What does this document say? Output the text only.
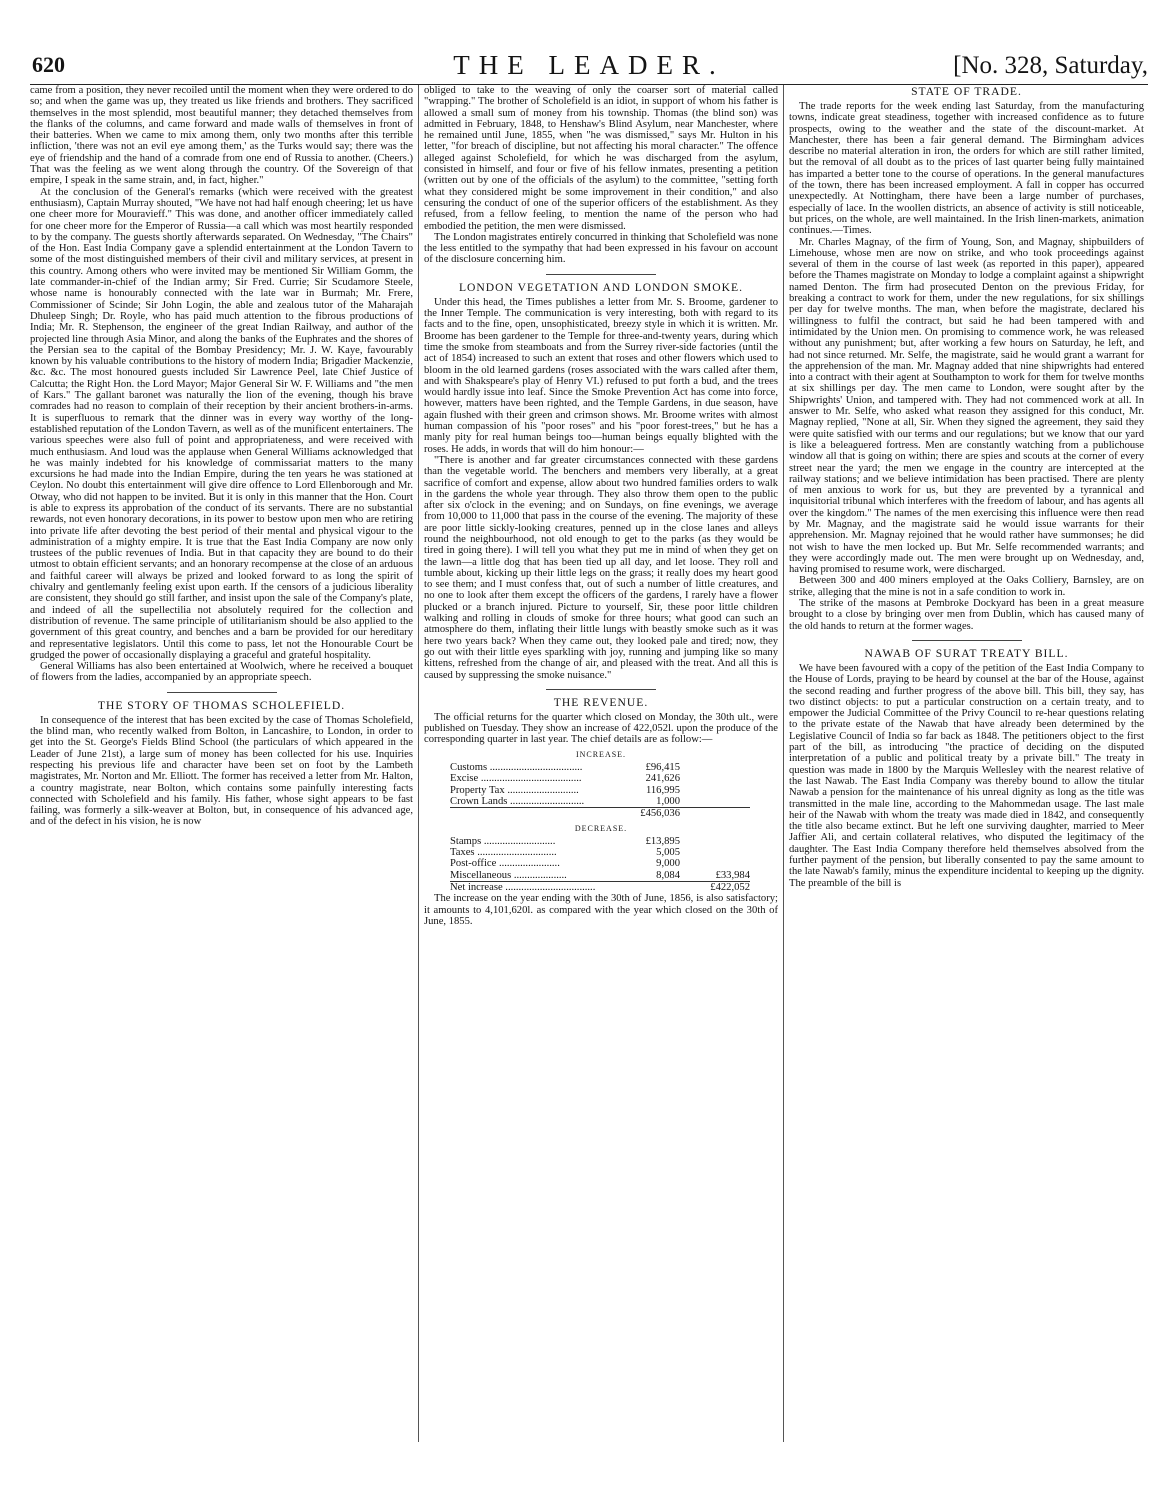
620	THE LEADER.	[No. 328, Saturday,

came from a position, they never recoiled until the moment when they were ordered to do so; and when the game was up, they treated us like friends and brothers. They sacrificed themselves in the most splendid, most beautiful manner; they detached themselves from the flanks of the columns, and came forward and made walls of themselves in front of their batteries. When we came to mix among them, only two months after this terrible infliction, 'there was not an evil eye among them,' as the Turks would say; there was the eye of friendship and the hand of a comrade from one end of Russia to another. (Cheers.) That was the feeling as we went along through the country. Of the Sovereign of that empire, I speak in the same strain, and, in fact, higher."

At the conclusion of the General's remarks (which were received with the greatest enthusiasm), Captain Murray shouted, "We have not had half enough cheering; let us have one cheer more for Mouravieff." This was done, and another officer immediately called for one cheer more for the Emperor of Russia—a call which was most heartily responded to by the company. The guests shortly afterwards separated. On Wednesday, "The Chairs" of the Hon. East India Company gave a splendid entertainment at the London Tavern to some of the most distinguished members of their civil and military services, at present in this country. Among others who were invited may be mentioned Sir William Gomm, the late commander-in-chief of the Indian army; Sir Fred. Currie; Sir Scudamore Steele, whose name is honourably connected with the late war in Burmah; Mr. Frere, Commissioner of Scinde; Sir John Login, the able and zealous tutor of the Maharajah Dhuleep Singh; Dr. Royle, who has paid much attention to the fibrous productions of India; Mr. R. Stephenson, the engineer of the great Indian Railway, and author of the projected line through Asia Minor, and along the banks of the Euphrates and the shores of the Persian sea to the capital of the Bombay Presidency; Mr. J. W. Kaye, favourably known by his valuable contributions to the history of modern India; Brigadier Mackenzie, &c. &c. The most honoured guests included Sir Lawrence Peel, late Chief Justice of Calcutta; the Right Hon. the Lord Mayor; Major General Sir W. F. Williams and "the men of Kars." The gallant baronet was naturally the lion of the evening, though his brave comrades had no reason to complain of their reception by their ancient brothers-in-arms. It is superfluous to remark that the dinner was in every way worthy of the long-established reputation of the London Tavern, as well as of the munificent entertainers. The various speeches were also full of point and appropriateness, and were received with much enthusiasm. And loud was the applause when General Williams acknowledged that he was mainly indebted for his knowledge of commissariat matters to the many excursions he had made into the Indian Empire, during the ten years he was stationed at Ceylon. No doubt this entertainment will give dire offence to Lord Ellenborough and Mr. Otway, who did not happen to be invited. But it is only in this manner that the Hon. Court is able to express its approbation of the conduct of its servants. There are no substantial rewards, not even honorary decorations, in its power to bestow upon men who are retiring into private life after devoting the best period of their mental and physical vigour to the administration of a mighty empire. It is true that the East India Company are now only trustees of the public revenues of India. But in that capacity they are bound to do their utmost to obtain efficient servants; and an honorary recompense at the close of an arduous and faithful career will always be prized and looked forward to as long the spirit of chivalry and gentlemanly feeling exist upon earth. If the censors of a judicious liberality are consistent, they should go still farther, and insist upon the sale of the Company's plate, and indeed of all the supellectilia not absolutely required for the collection and distribution of revenue. The same principle of utilitarianism should be also applied to the government of this great country, and benches and a barn be provided for our hereditary and representative legislators. Until this come to pass, let not the Honourable Court be grudged the power of occasionally displaying a graceful and grateful hospitality.

General Williams has also been entertained at Woolwich, where he received a bouquet of flowers from the ladies, accompanied by an appropriate speech.

THE STORY OF THOMAS SCHOLEFIELD.

In consequence of the interest that has been excited by the case of Thomas Scholefield, the blind man, who recently walked from Bolton, in Lancashire, to London, in order to get into the St. George's Fields Blind School (the particulars of which appeared in the Leader of June 21st), a large sum of money has been collected for his use. Inquiries respecting his previous life and character have been set on foot by the Lambeth magistrates, Mr. Norton and Mr. Elliott. The former has received a letter from Mr. Halton, a country magistrate, near Bolton, which contains some painfully interesting facts connected with Scholefield and his family. His father, whose sight appears to be fast failing, was formerly a silk-weaver at Bolton, but, in consequence of his advanced age, and of the defect in his vision, he is now

obliged to take to the weaving of only the coarser sort of material called "wrapping." The brother of Scholefield is an idiot, in support of whom his father is allowed a small sum of money from his township. Thomas (the blind son) was admitted in February, 1848, to Henshaw's Blind Asylum, near Manchester, where he remained until June, 1855, when "he was dismissed," says Mr. Hulton in his letter, "for breach of discipline, but not affecting his moral character." The offence alleged against Scholefield, for which he was discharged from the asylum, consisted in himself, and four or five of his fellow inmates, presenting a petition (written out by one of the officials of the asylum) to the committee, "setting forth what they considered might be some improvement in their condition," and also censuring the conduct of one of the superior officers of the establishment. As they refused, from a fellow feeling, to mention the name of the person who had embodied the petition, the men were dismissed.

The London magistrates entirely concurred in thinking that Scholefield was none the less entitled to the sympathy that had been expressed in his favour on account of the disclosure concerning him.

LONDON VEGETATION AND LONDON SMOKE.

Under this head, the Times publishes a letter from Mr. S. Broome, gardener to the Inner Temple. The communication is very interesting, both with regard to its facts and to the fine, open, unsophisticated, breezy style in which it is written. Mr. Broome has been gardener to the Temple for three-and-twenty years, during which time the smoke from steamboats and from the Surrey river-side factories (until the act of 1854) increased to such an extent that roses and other flowers which used to bloom in the old learned gardens (roses associated with the wars called after them, and with Shakspeare's play of Henry VI.) refused to put forth a bud, and the trees would hardly issue into leaf. Since the Smoke Prevention Act has come into force, however, matters have been righted, and the Temple Gardens, in due season, have again flushed with their green and crimson shows. Mr. Broome writes with almost human compassion of his "poor roses" and his "poor forest-trees," but he has a manly pity for real human beings too—human beings equally blighted with the roses. He adds, in words that will do him honour:—

"There is another and far greater circumstances connected with these gardens than the vegetable world. The benchers and members very liberally, at a great sacrifice of comfort and expense, allow about two hundred families orders to walk in the gardens the whole year through. They also throw them open to the public after six o'clock in the evening; and on Sundays, on fine evenings, we average from 10,000 to 11,000 that pass in the course of the evening. The majority of these are poor little sickly-looking creatures, penned up in the close lanes and alleys round the neighbourhood, not old enough to get to the parks (as they would be tired in going there). I will tell you what they put me in mind of when they get on the lawn—a little dog that has been tied up all day, and let loose. They roll and tumble about, kicking up their little legs on the grass; it really does my heart good to see them; and I must confess that, out of such a number of little creatures, and no one to look after them except the officers of the gardens, I rarely have a flower plucked or a branch injured. Picture to yourself, Sir, these poor little children walking and rolling in clouds of smoke for three hours; what good can such an atmosphere do them, inflating their little lungs with beastly smoke such as it was here two years back? When they came out, they looked pale and tired; now, they go out with their little eyes sparkling with joy, running and jumping like so many kittens, refreshed from the change of air, and pleased with the treat. And all this is caused by suppressing the smoke nuisance."

THE REVENUE.

The official returns for the quarter which closed on Monday, the 30th ult., were published on Tuesday. They show an increase of 422,052l. upon the produce of the corresponding quarter in last year. The chief details are as follow:—

INCREASE.
Customs ...................................	£96,415	
Excise ......................................	241,626	
Property Tax ...........................	116,995	
Crown Lands ............................	1,000	
	£456,036	
DECREASE.
Stamps ...........................	£13,895	
Taxes ..............................	5,005	
Post-office .......................	9,000	
Miscellaneous ....................	8,084	£33,984
Net increase ..................................		£422,052

The increase on the year ending with the 30th of June, 1856, is also satisfactory; it amounts to 4,101,620l. as compared with the year which closed on the 30th of June, 1855.

STATE OF TRADE.

The trade reports for the week ending last Saturday, from the manufacturing towns, indicate great steadiness, together with increased confidence as to future prospects, owing to the weather and the state of the discount-market. At Manchester, there has been a fair general demand. The Birmingham advices describe no material alteration in iron, the orders for which are still rather limited, but the removal of all doubt as to the prices of last quarter being fully maintained has imparted a better tone to the course of operations. In the general manufactures of the town, there has been increased employment. A fall in copper has occurred unexpectedly. At Nottingham, there have been a large number of purchases, especially of lace. In the woollen districts, an absence of activity is still noticeable, but prices, on the whole, are well maintained. In the Irish linen-markets, animation continues.—Times.

Mr. Charles Magnay, of the firm of Young, Son, and Magnay, shipbuilders of Limehouse, whose men are now on strike, and who took proceedings against several of them in the course of last week (as reported in this paper), appeared before the Thames magistrate on Monday to lodge a complaint against a shipwright named Denton. The firm had prosecuted Denton on the previous Friday, for breaking a contract to work for them, under the new regulations, for six shillings per day for twelve months. The man, when before the magistrate, declared his willingness to fulfil the contract, but said he had been tampered with and intimidated by the Union men. On promising to commence work, he was released without any punishment; but, after working a few hours on Saturday, he left, and had not since returned. Mr. Selfe, the magistrate, said he would grant a warrant for the apprehension of the man. Mr. Magnay added that nine shipwrights had entered into a contract with their agent at Southampton to work for them for twelve months at six shillings per day. The men came to London, were sought after by the Shipwrights' Union, and tampered with. They had not commenced work at all. In answer to Mr. Selfe, who asked what reason they assigned for this conduct, Mr. Magnay replied, "None at all, Sir. When they signed the agreement, they said they were quite satisfied with our terms and our regulations; but we know that our yard is like a beleaguered fortress. Men are constantly watching from a publichouse window all that is going on within; there are spies and scouts at the corner of every street near the yard; the men we engage in the country are intercepted at the railway stations; and we believe intimidation has been practised. There are plenty of men anxious to work for us, but they are prevented by a tyrannical and inquisitorial tribunal which interferes with the freedom of labour, and has agents all over the kingdom." The names of the men exercising this influence were then read by Mr. Magnay, and the magistrate said he would issue warrants for their apprehension. Mr. Magnay rejoined that he would rather have summonses; he did not wish to have the men locked up. But Mr. Selfe recommended warrants; and they were accordingly made out. The men were brought up on Wednesday, and, having promised to resume work, were discharged.

Between 300 and 400 miners employed at the Oaks Colliery, Barnsley, are on strike, alleging that the mine is not in a safe condition to work in.

The strike of the masons at Pembroke Dockyard has been in a great measure brought to a close by bringing over men from Dublin, which has caused many of the old hands to return at the former wages.

NAWAB OF SURAT TREATY BILL.

We have been favoured with a copy of the petition of the East India Company to the House of Lords, praying to be heard by counsel at the bar of the House, against the second reading and further progress of the above bill. This bill, they say, has two distinct objects: to put a particular construction on a certain treaty, and to empower the Judicial Committee of the Privy Council to re-hear questions relating to the private estate of the Nawab that have already been determined by the Legislative Council of India so far back as 1848. The petitioners object to the first part of the bill, as introducing "the practice of deciding on the disputed interpretation of a public and political treaty by a private bill." The treaty in question was made in 1800 by the Marquis Wellesley with the nearest relative of the last Nawab. The East India Company was thereby bound to allow the titular Nawab a pension for the maintenance of his unreal dignity as long as the title was transmitted in the male line, according to the Mahommedan usage. The last male heir of the Nawab with whom the treaty was made died in 1842, and consequently the title also became extinct. But he left one surviving daughter, married to Meer Jaffier Ali, and certain collateral relatives, who disputed the legitimacy of the daughter. The East India Company therefore held themselves absolved from the further payment of the pension, but liberally consented to pay the same amount to the late Nawab's family, minus the expenditure incidental to keeping up the dignity. The preamble of the bill is
